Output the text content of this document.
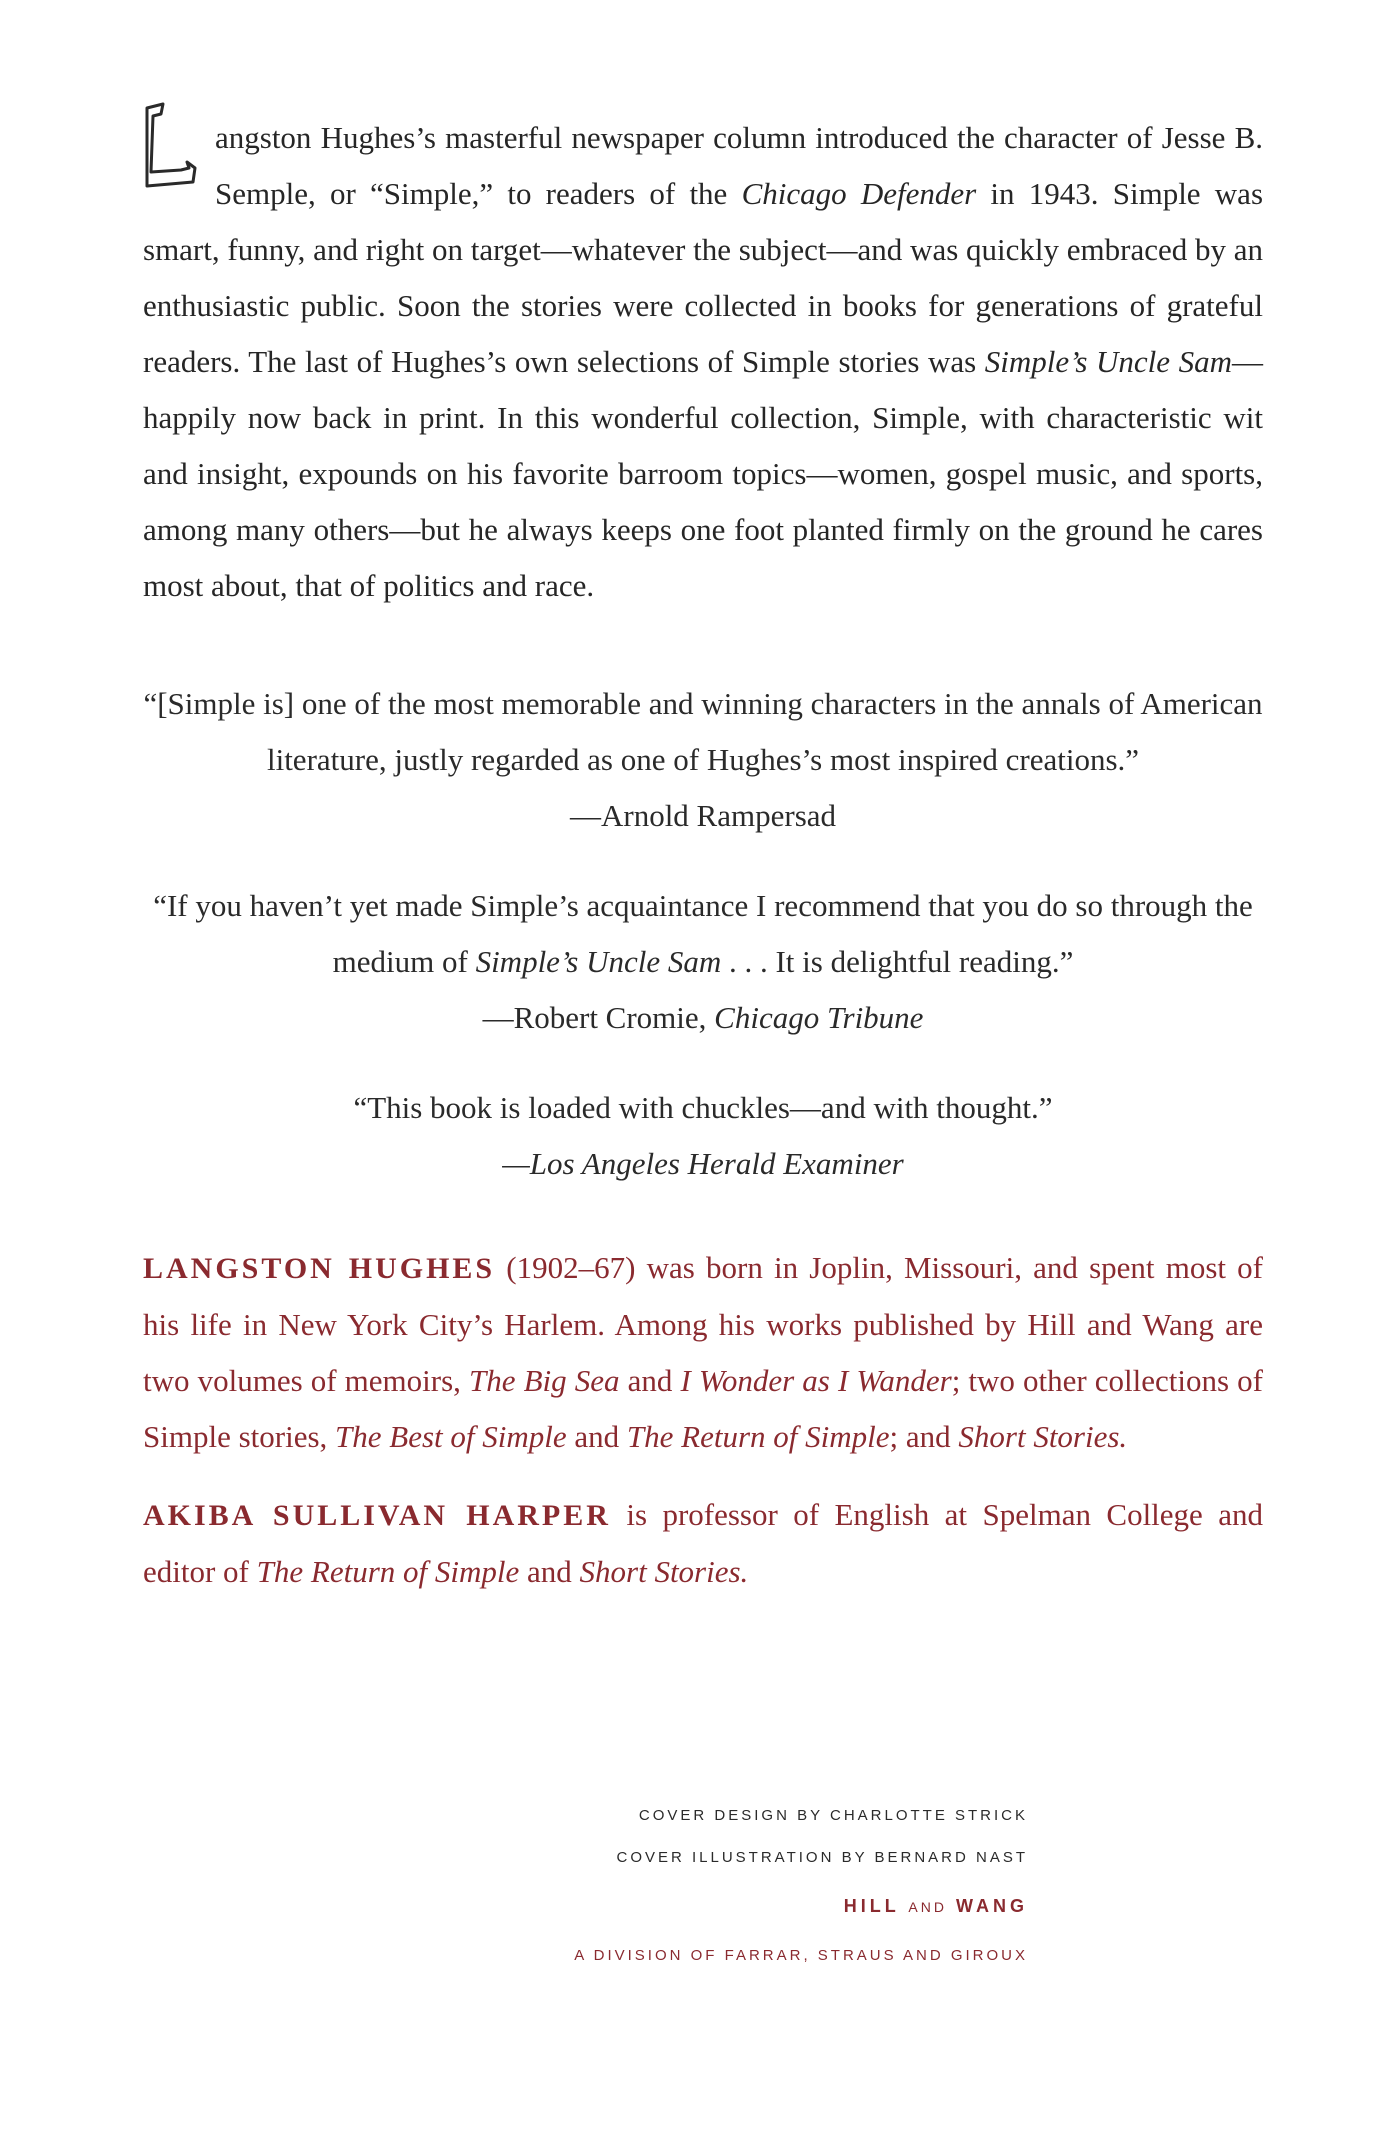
angston Hughes’s masterful newspaper column introduced the character of Jesse B. Semple, or “Simple,” to readers of the Chicago Defender in 1943. Simple was smart, funny, and right on target—whatever the subject—and was quickly embraced by an enthusiastic public. Soon the stories were collected in books for generations of grateful readers. The last of Hughes’s own selections of Simple stories was Simple’s Uncle Sam—happily now back in print. In this wonderful collection, Simple, with characteristic wit and insight, expounds on his favorite barroom topics—women, gospel music, and sports, among many others—but he always keeps one foot planted firmly on the ground he cares most about, that of politics and race.

“[Simple is] one of the most memorable and winning characters in the annals of American literature, justly regarded as one of Hughes’s most inspired creations.”

—Arnold Rampersad

“If you haven’t yet made Simple’s acquaintance I recommend that you do so through the medium of Simple’s Uncle Sam . . . It is delightful reading.”

—Robert Cromie, Chicago Tribune

“This book is loaded with chuckles—and with thought.”

—Los Angeles Herald Examiner

LANGSTON HUGHES (1902–67) was born in Joplin, Missouri, and spent most of his life in New York City’s Harlem. Among his works published by Hill and Wang are two volumes of memoirs, The Big Sea and I Wonder as I Wander; two other collections of Simple stories, The Best of Simple and The Return of Simple; and Short Stories.

AKIBA SULLIVAN HARPER is professor of English at Spelman College and editor of The Return of Simple and Short Stories.

COVER DESIGN BY CHARLOTTE STRICK

COVER ILLUSTRATION BY BERNARD NAST

HILL AND WANG

A DIVISION OF FARRAR, STRAUS AND GIROUX
